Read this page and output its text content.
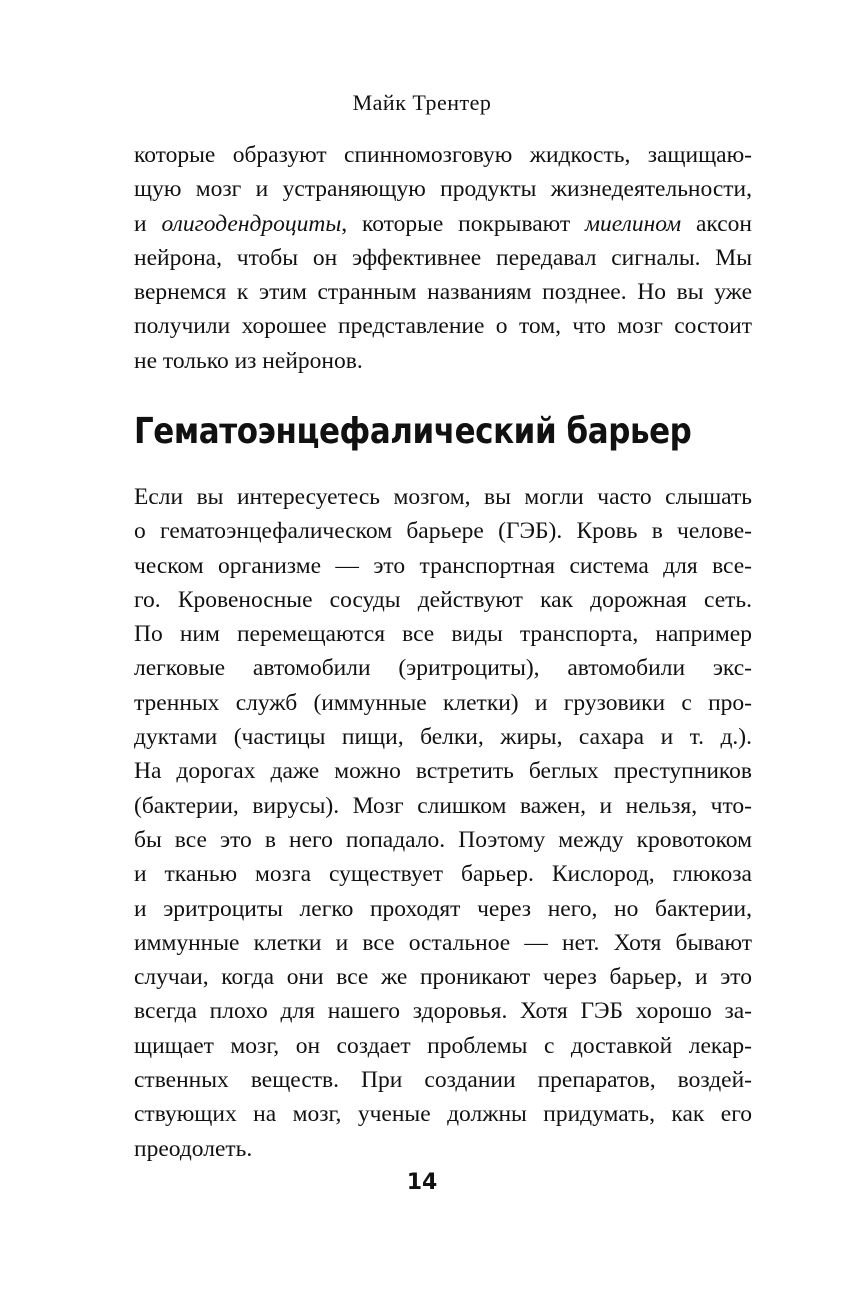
Майк Трентер
которые образуют спинномозговую жидкость, защищаю-
щую мозг и устраняющую продукты жизнедеятельности,
и олигодендроциты, которые покрывают миелином аксон
нейрона, чтобы он эффективнее передавал сигналы. Мы
вернемся к этим странным названиям позднее. Но вы уже
получили хорошее представление о том, что мозг состоит
не только из нейронов.
Гематоэнцефалический барьер
Если вы интересуетесь мозгом, вы могли часто слышать
о гематоэнцефалическом барьере (ГЭБ). Кровь в челове-
ческом организме — это транспортная система для все-
го. Кровеносные сосуды действуют как дорожная сеть.
По ним перемещаются все виды транспорта, например
легковые автомобили (эритроциты), автомобили экс-
тренных служб (иммунные клетки) и грузовики с про-
дуктами (частицы пищи, белки, жиры, сахара и т. д.).
На дорогах даже можно встретить беглых преступников
(бактерии, вирусы). Мозг слишком важен, и нельзя, что-
бы все это в него попадало. Поэтому между кровотоком
и тканью мозга существует барьер. Кислород, глюкоза
и эритроциты легко проходят через него, но бактерии,
иммунные клетки и все остальное — нет. Хотя бывают
случаи, когда они все же проникают через барьер, и это
всегда плохо для нашего здоровья. Хотя ГЭБ хорошо за-
щищает мозг, он создает проблемы с доставкой лекар-
ственных веществ. При создании препаратов, воздей-
ствующих на мозг, ученые должны придумать, как его
преодолеть.
14
